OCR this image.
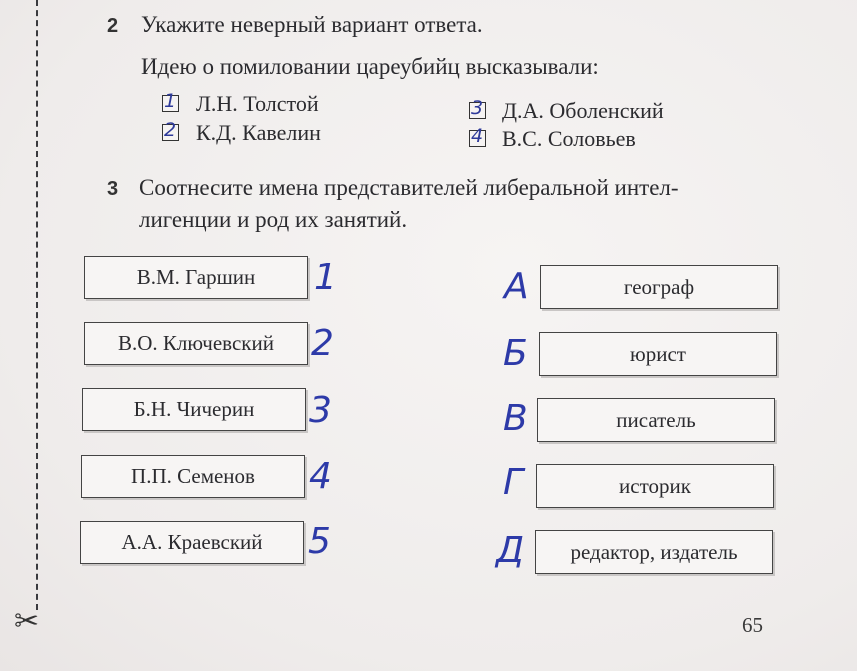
✂
2 Укажите неверный вариант ответа.
Идею о помиловании цареубийц высказывали:
1 Л.Н. Толстой
2 К.Д. Кавелин
3 Д.А. Оболенский
4 В.С. Соловьев
3 Соотнесите имена представителей либеральной интел-
лигенции и род их занятий.
В.М. Гаршин
В.О. Ключевский
Б.Н. Чичерин
П.П. Семенов
А.А. Краевский
1
2
3
4
5
А
Б
В
Г
Д
географ
юрист
писатель
историк
редактор, издатель
65
